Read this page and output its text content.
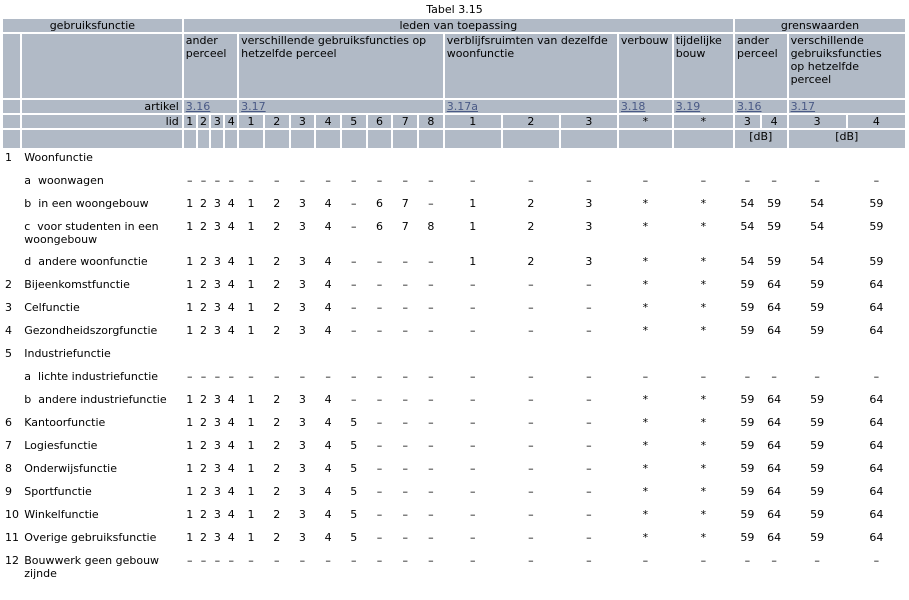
Tabel 3.15
gebruiksfunctie		leden van toepassing																	grenswaarden			
		ander perceel				verschillende gebruiksfuncties op hetzelfde perceel								verblijfsruimten van dezelfde woonfunctie			verbouw	tijdelijke bouw	ander perceel		verschillende gebruiksfuncties
op hetzelfde perceel	
	artikel	3.16				3.17								3.17a			3.18	3.19	3.16		3.17	
	lid	1	2	3	4	1	2	3	4	5	6	7	8	1	2	3	*	*	3	4	3	4
																			[dB]		[dB]	
1	Woonfunctie																					
	a  woonwagen	–	–	–	–	–	–	–	–	–	–	–	–	–	–	–	–	–	–	–	–	–
	b  in een woongebouw	1	2	3	4	1	2	3	4	–	6	7	–	1	2	3	*	*	54	59	54	59
	c  voor studenten in een woongebouw	1	2	3	4	1	2	3	4	–	6	7	8	1	2	3	*	*	54	59	54	59
	d  andere woonfunctie	1	2	3	4	1	2	3	4	–	–	–	–	1	2	3	*	*	54	59	54	59
2	Bijeenkomstfunctie	1	2	3	4	1	2	3	4	–	–	–	–	–	–	–	*	*	59	64	59	64
3	Celfunctie	1	2	3	4	1	2	3	4	–	–	–	–	–	–	–	*	*	59	64	59	64
4	Gezondheidszorgfunctie	1	2	3	4	1	2	3	4	–	–	–	–	–	–	–	*	*	59	64	59	64
5	Industriefunctie																					
	a  lichte industriefunctie	–	–	–	–	–	–	–	–	–	–	–	–	–	–	–	–	–	–	–	–	–
	b  andere industriefunctie	1	2	3	4	1	2	3	4	–	–	–	–	–	–	–	*	*	59	64	59	64
6	Kantoorfunctie	1	2	3	4	1	2	3	4	5	–	–	–	–	–	–	*	*	59	64	59	64
7	Logiesfunctie	1	2	3	4	1	2	3	4	5	–	–	–	–	–	–	*	*	59	64	59	64
8	Onderwijsfunctie	1	2	3	4	1	2	3	4	5	–	–	–	–	–	–	*	*	59	64	59	64
9	Sportfunctie	1	2	3	4	1	2	3	4	5	–	–	–	–	–	–	*	*	59	64	59	64
10	Winkelfunctie	1	2	3	4	1	2	3	4	5	–	–	–	–	–	–	*	*	59	64	59	64
11	Overige gebruiksfunctie	1	2	3	4	1	2	3	4	5	–	–	–	–	–	–	*	*	59	64	59	64
12	Bouwwerk geen gebouw zijnde	–	–	–	–	–	–	–	–	–	–	–	–	–	–	–	–	–	–	–	–	–
